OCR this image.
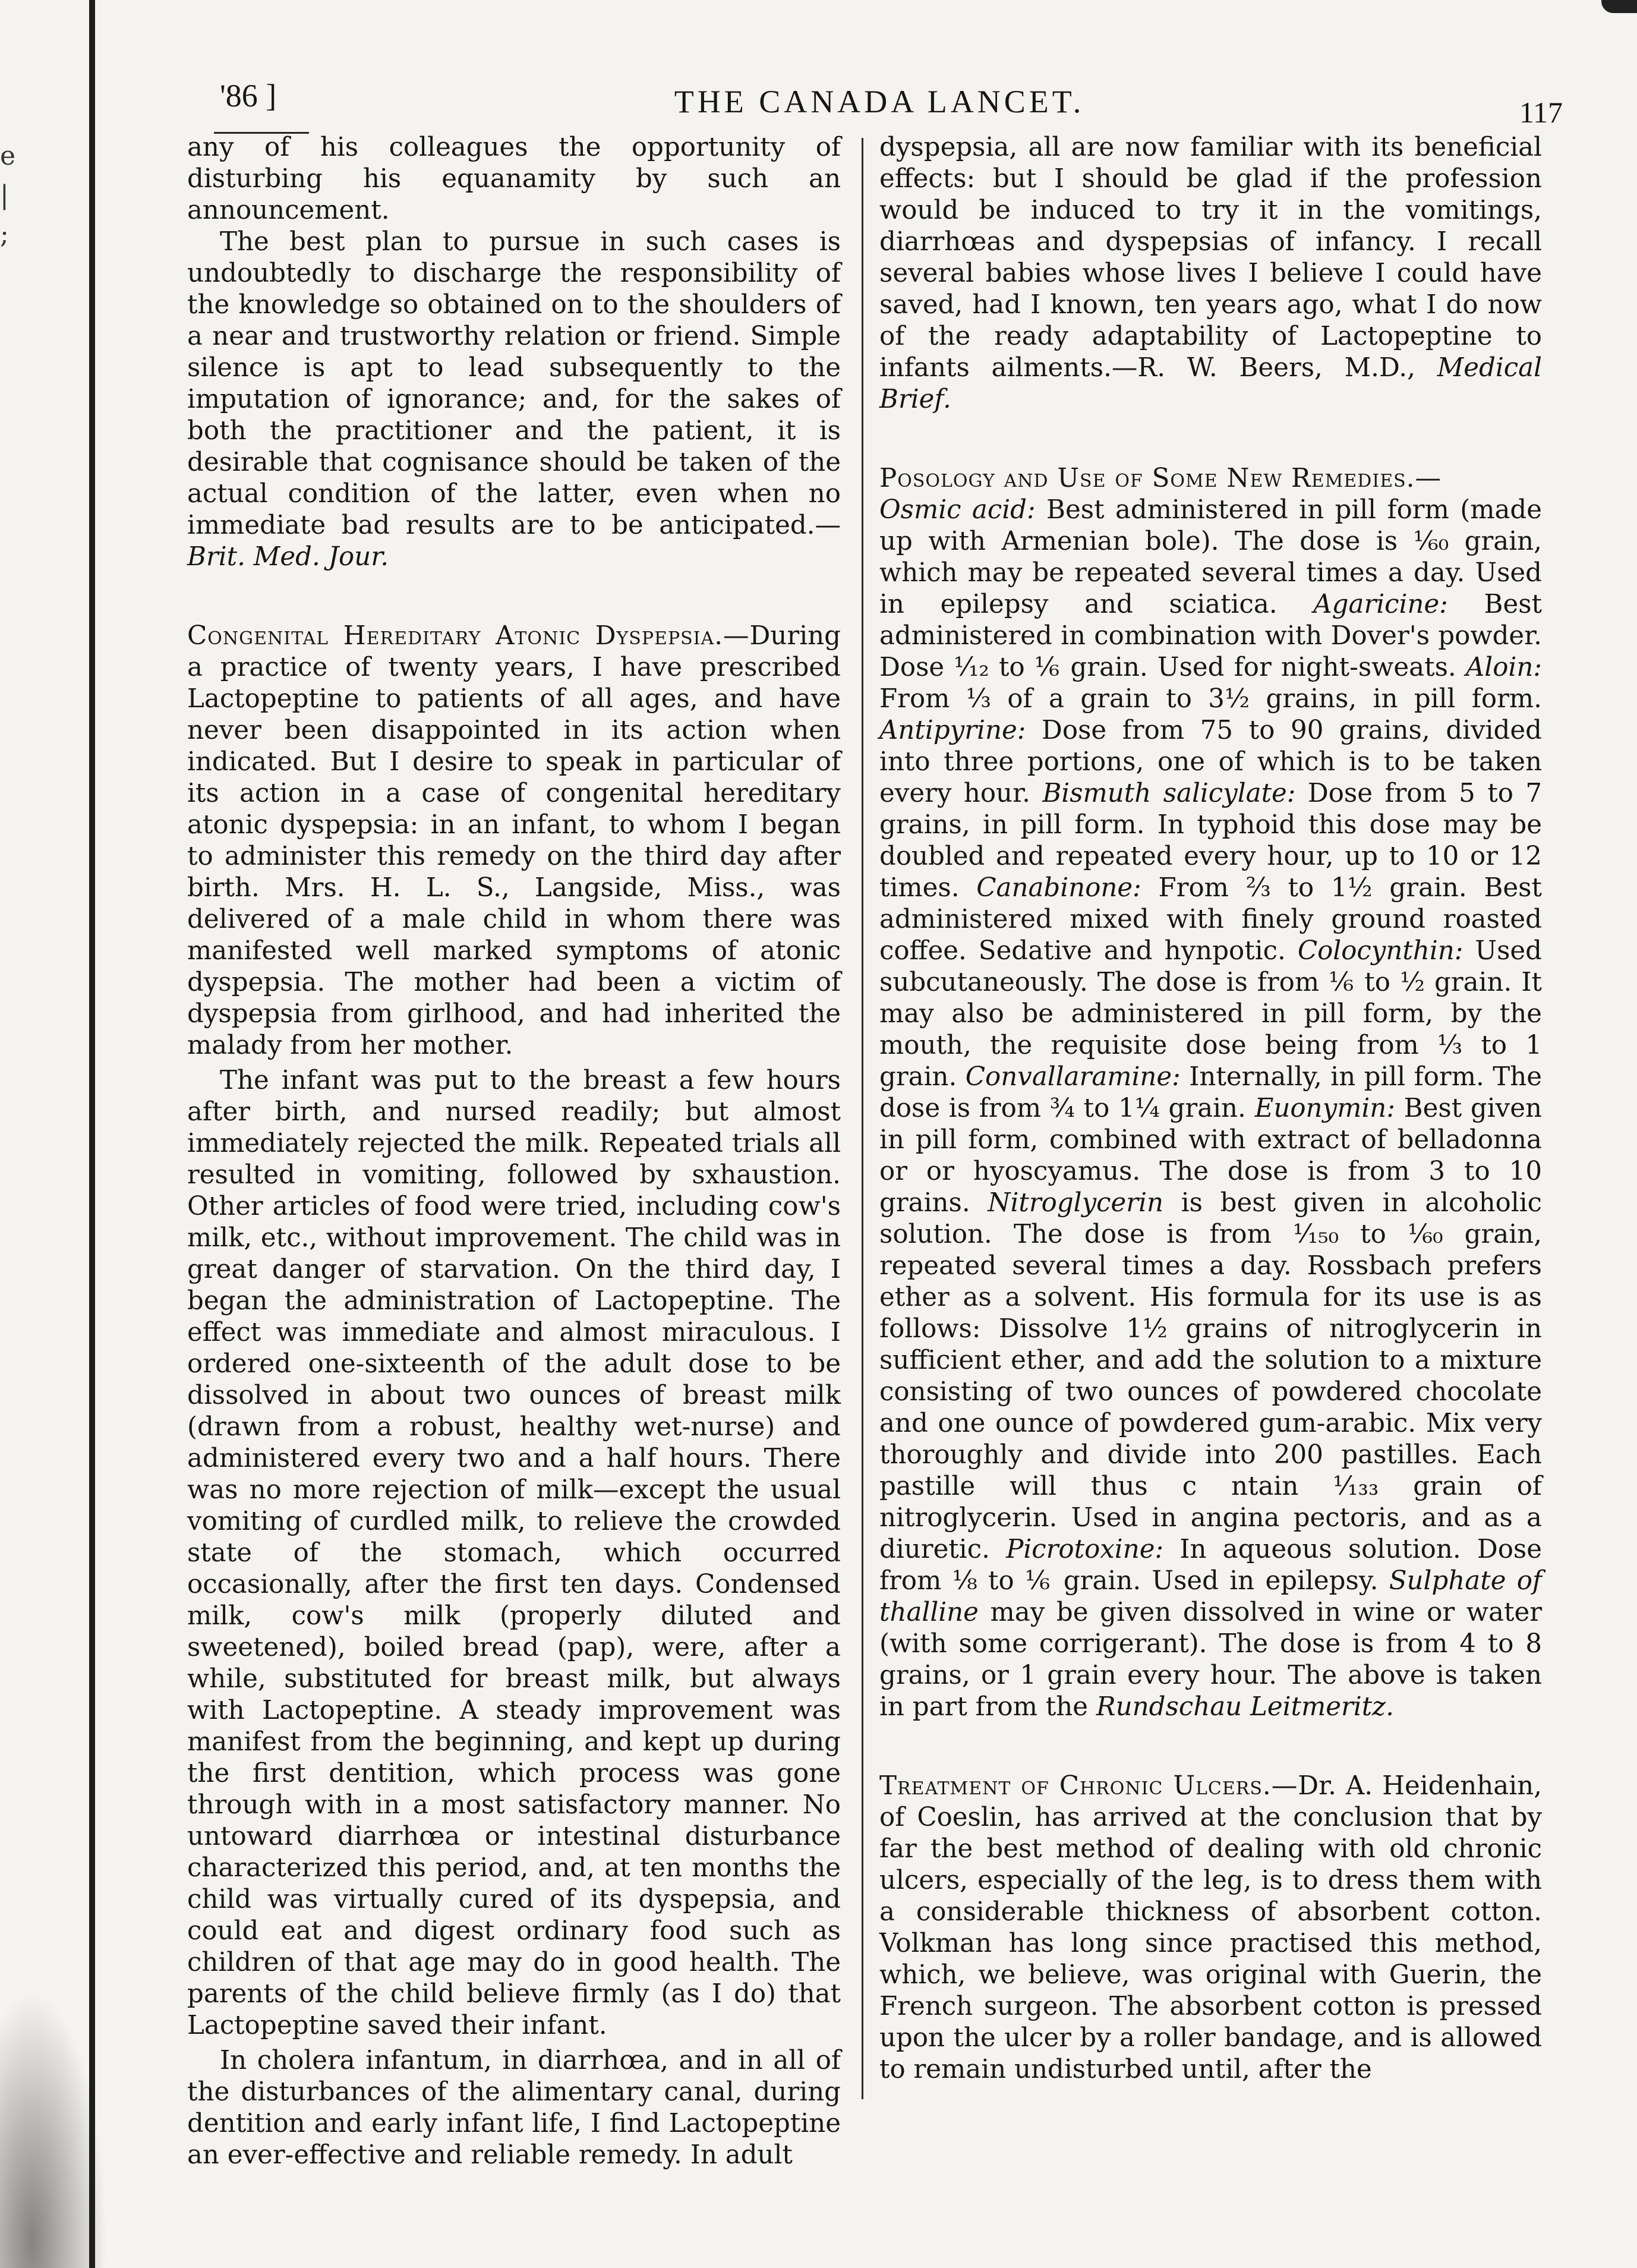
e
|
;
'86 ]	THE CANADA LANCET.	117

any of his colleagues the opportunity of disturbing his equanamity by such an announcement.

The best plan to pursue in such cases is undoubtedly to discharge the responsibility of the knowledge so obtained on to the shoulders of a near and trustworthy relation or friend. Simple silence is apt to lead subsequently to the imputation of ignorance; and, for the sakes of both the practitioner and the patient, it is desirable that cognisance should be taken of the actual condition of the latter, even when no immediate bad results are to be anticipated.—Brit. Med. Jour.

Congenital Hereditary Atonic Dyspepsia.—During a practice of twenty years, I have prescribed Lactopeptine to patients of all ages, and have never been disappointed in its action when indicated. But I desire to speak in particular of its action in a case of congenital hereditary atonic dyspepsia: in an infant, to whom I began to administer this remedy on the third day after birth. Mrs. H. L. S., Langside, Miss., was delivered of a male child in whom there was manifested well marked symptoms of atonic dyspepsia. The mother had been a victim of dyspepsia from girlhood, and had inherited the malady from her mother.

The infant was put to the breast a few hours after birth, and nursed readily; but almost immediately rejected the milk. Repeated trials all resulted in vomiting, followed by sxhaustion. Other articles of food were tried, including cow's milk, etc., without improvement. The child was in great danger of starvation. On the third day, I began the administration of Lactopeptine. The effect was immediate and almost miraculous. I ordered one-sixteenth of the adult dose to be dissolved in about two ounces of breast milk (drawn from a robust, healthy wet-nurse) and administered every two and a half hours. There was no more rejection of milk—except the usual vomiting of curdled milk, to relieve the crowded state of the stomach, which occurred occasionally, after the first ten days. Condensed milk, cow's milk (properly diluted and sweetened), boiled bread (pap), were, after a while, substituted for breast milk, but always with Lactopeptine. A steady improvement was manifest from the beginning, and kept up during the first dentition, which process was gone through with in a most satisfactory manner. No untoward diarrhœa or intestinal disturbance characterized this period, and, at ten months the child was virtually cured of its dyspepsia, and could eat and digest ordinary food such as children of that age may do in good health. The parents of the child believe firmly (as I do) that Lactopeptine saved their infant.

In cholera infantum, in diarrhœa, and in all of the disturbances of the alimentary canal, during dentition and early infant life, I find Lactopeptine an ever-effective and reliable remedy. In adult

dyspepsia, all are now familiar with its beneficial effects: but I should be glad if the profession would be induced to try it in the vomitings, diarrhœas and dyspepsias of infancy. I recall several babies whose lives I believe I could have saved, had I known, ten years ago, what I do now of the ready adaptability of Lactopeptine to infants ailments.—R. W. Beers, M.D., Medical Brief.

Posology and Use of Some New Remedies.—
Osmic acid: Best administered in pill form (made up with Armenian bole). The dose is ¹⁄₆₀ grain, which may be repeated several times a day. Used in epilepsy and sciatica. Agaricine: Best administered in combination with Dover's powder. Dose ¹⁄₁₂ to ⅙ grain. Used for night-sweats. Aloin: From ⅓ of a grain to 3½ grains, in pill form. Antipyrine: Dose from 75 to 90 grains, divided into three portions, one of which is to be taken every hour. Bismuth salicylate: Dose from 5 to 7 grains, in pill form. In typhoid this dose may be doubled and repeated every hour, up to 10 or 12 times. Canabinone: From ⅔ to 1½ grain. Best administered mixed with finely ground roasted coffee. Sedative and hynpotic. Colocynthin: Used subcutaneously. The dose is from ⅙ to ½ grain. It may also be administered in pill form, by the mouth, the requisite dose being from ⅓ to 1 grain. Convallaramine: Internally, in pill form. The dose is from ¾ to 1¼ grain. Euonymin: Best given in pill form, combined with extract of belladonna or or hyoscyamus. The dose is from 3 to 10 grains. Nitroglycerin is best given in alcoholic solution. The dose is from ¹⁄₁₅₀ to ¹⁄₆₀ grain, repeated several times a day. Rossbach prefers ether as a solvent. His formula for its use is as follows: Dissolve 1½ grains of nitroglycerin in sufficient ether, and add the solution to a mixture consisting of two ounces of powdered chocolate and one ounce of powdered gum-arabic. Mix very thoroughly and divide into 200 pastilles. Each pastille will thus c ntain ¹⁄₁₃₃ grain of nitroglycerin. Used in angina pectoris, and as a diuretic. Picrotoxine: In aqueous solution. Dose from ⅛ to ⅙ grain. Used in epilepsy. Sulphate of thalline may be given dissolved in wine or water (with some corrigerant). The dose is from 4 to 8 grains, or 1 grain every hour. The above is taken in part from the Rundschau Leitmeritz.

Treatment of Chronic Ulcers.—Dr. A. Heidenhain, of Coeslin, has arrived at the conclusion that by far the best method of dealing with old chronic ulcers, especially of the leg, is to dress them with a considerable thickness of absorbent cotton. Volkman has long since practised this method, which, we believe, was original with Guerin, the French surgeon. The absorbent cotton is pressed upon the ulcer by a roller bandage, and is allowed to remain undisturbed until, after the
